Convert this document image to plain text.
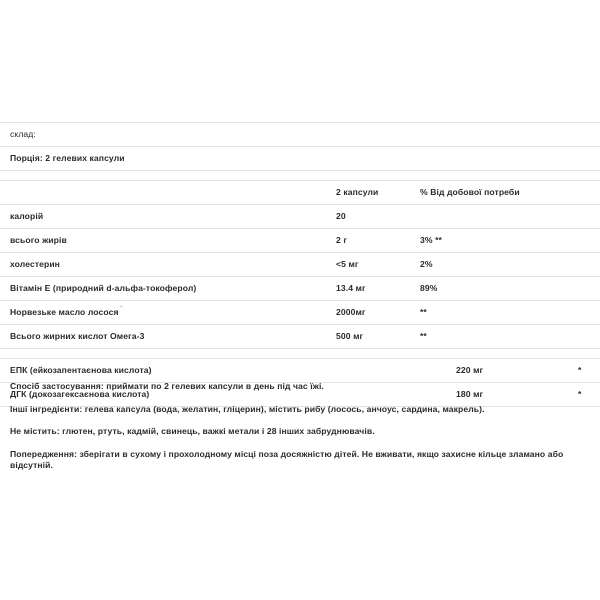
склад:			
Порція: 2 гелевих капсули			

	2 капсули	% Від добової потреби	
калорій	20		
всього жирів	2 г	3% **	
холестерин	<5 мг	2%	
Вітамін Е (природний d-альфа-токоферол)	13.4 мг	89%	
Норвезьке масло лосося ¨	2000мг	**	
Всього жирних кислот Омега-3	500 мг	**	

ЕПК (ейкозапентаєнова кислота)		220 мг	*
ДГК (докозагексаєнова кислота)		180 мг	*

Спосіб застосування: приймати по 2 гелевих капсули в день під час їжі.

Інші інгредієнти: гелева капсула (вода, желатин, гліцерин), містить рибу (лосось, анчоус, сардина, макрель).

Не містить: глютен, ртуть, кадмій, свинець, важкі метали і 28 інших забруднювачів.

Попередження: зберігати в сухому і прохолодному місці поза досяжністю дітей. Не вживати, якщо захисне кільце зламано або відсутній.
